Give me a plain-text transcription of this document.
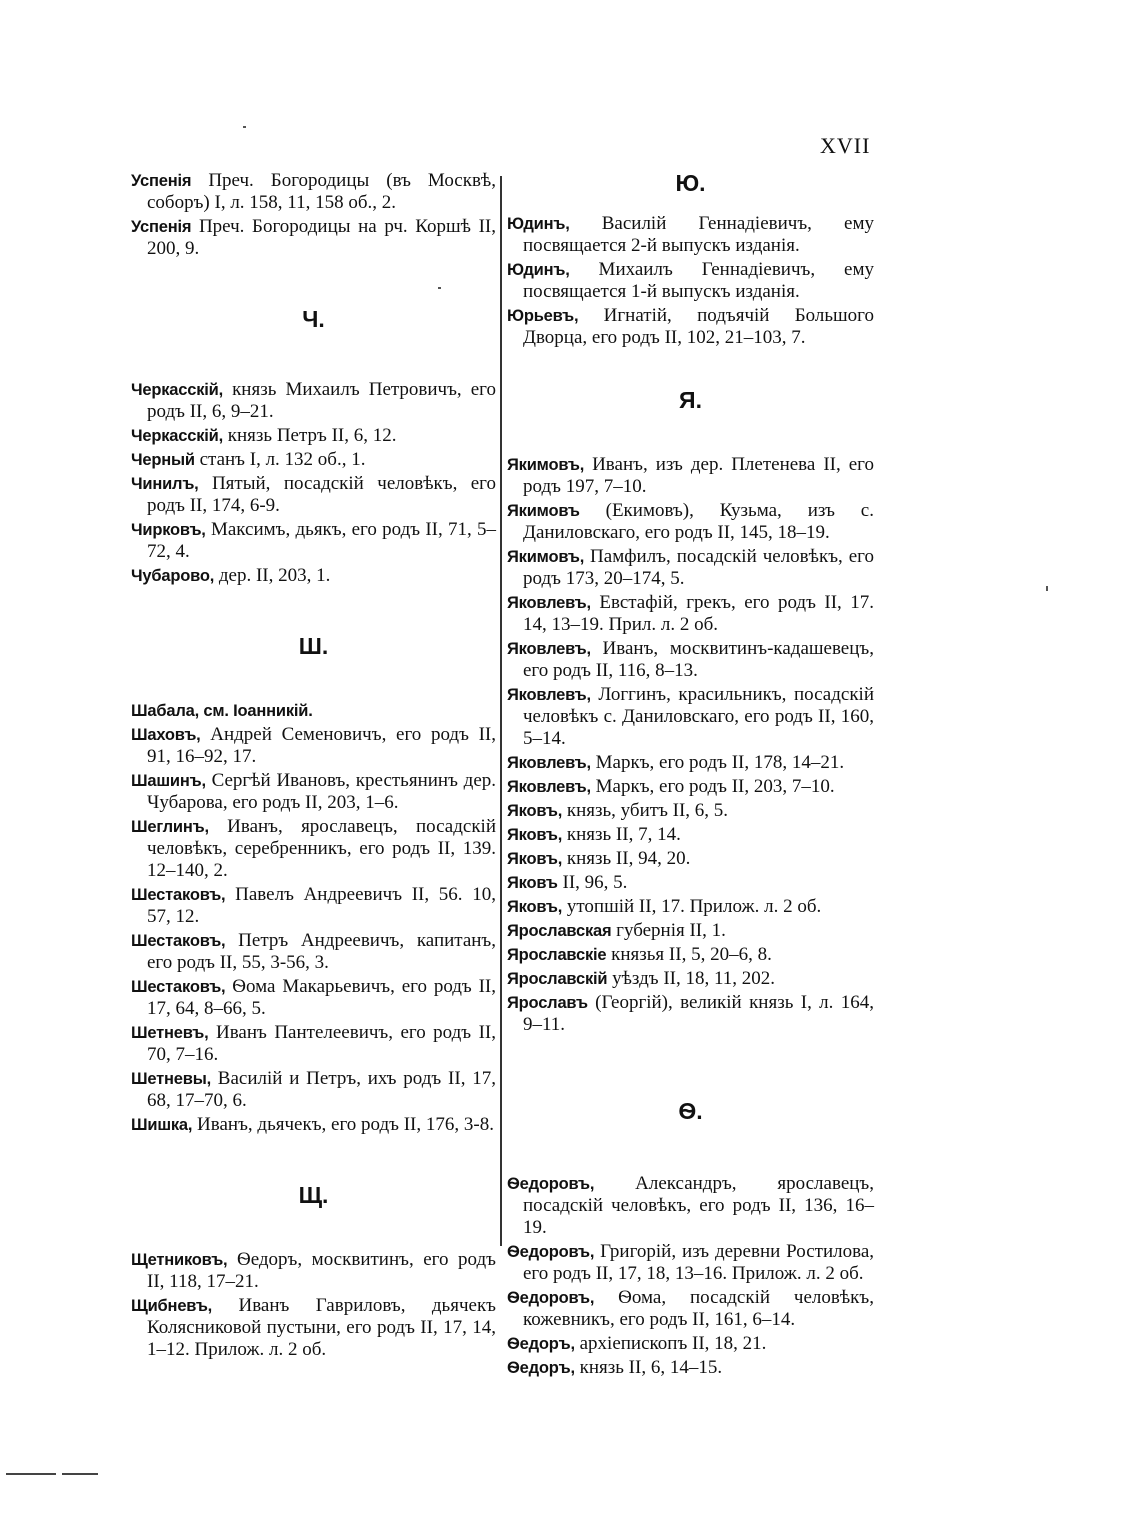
XVII
Успенія Преч. Богородицы (въ Москвѣ, соборъ) I, л. 158, 11, 158 об., 2.
Успенія Преч. Богородицы на рч. Коршѣ II, 200, 9.
Ч.
Черкасскій, князь Михаилъ Петровичъ, его родъ II, 6, 9–21.
Черкасскій, князь Петръ II, 6, 12.
Черный станъ I, л. 132 об., 1.
Чинилъ, Пятый, посадскій человѣкъ, его родъ II, 174, 6-9.
Чирковъ, Максимъ, дьякъ, его родъ II, 71, 5–72, 4.
Чубарово, дер. II, 203, 1.
Ш.
Шабала, см. Іоанникій.
Шаховъ, Андрей Семеновичъ, его родъ II, 91, 16–92, 17.
Шашинъ, Сергѣй Ивановъ, крестьянинъ дер. Чубарова, его родъ II, 203, 1–6.
Шеглинъ, Иванъ, ярославецъ, посадскій человѣкъ, серебренникъ, его родъ II, 139. 12–140, 2.
Шестаковъ, Павелъ Андреевичъ II, 56. 10, 57, 12.
Шестаковъ, Петръ Андреевичъ, капитанъ, его родъ II, 55, 3-56, 3.
Шестаковъ, Ѳома Макарьевичъ, его родъ II, 17, 64, 8–66, 5.
Шетневъ, Иванъ Пантелеевичъ, его родъ II, 70, 7–16.
Шетневы, Василій и Петръ, ихъ родъ II, 17, 68, 17–70, 6.
Шишка, Иванъ, дьячекъ, его родъ II, 176, 3-8.
Щ.
Щетниковъ, Ѳедоръ, москвитинъ, его родъ II, 118, 17–21.
Щибневъ, Иванъ Гавриловъ, дьячекъ Колясниковой пустыни, его родъ II, 17, 14, 1–12. Прилож. л. 2 об.
Ю.
Юдинъ, Василій Геннадіевичъ, ему посвящается 2-й выпускъ изданія.
Юдинъ, Михаилъ Геннадіевичъ, ему посвящается 1-й выпускъ изданія.
Юрьевъ, Игнатій, подъячій Большого Дворца, его родъ II, 102, 21–103, 7.
Я.
Якимовъ, Иванъ, изъ дер. Плетенева II, его родъ 197, 7–10.
Якимовъ (Екимовъ), Кузьма, изъ с. Даниловскаго, его родъ II, 145, 18–19.
Якимовъ, Памфилъ, посадскій человѣкъ, его родъ 173, 20–174, 5.
Яковлевъ, Евстафій, грекъ, его родъ II, 17. 14, 13–19. Прил. л. 2 об.
Яковлевъ, Иванъ, москвитинъ-кадашевецъ, его родъ II, 116, 8–13.
Яковлевъ, Логгинъ, красильникъ, посадскій человѣкъ с. Даниловскаго, его родъ II, 160, 5–14.
Яковлевъ, Маркъ, его родъ II, 178, 14–21.
Яковлевъ, Маркъ, его родъ II, 203, 7–10.
Яковъ, князь, убитъ II, 6, 5.
Яковъ, князь II, 7, 14.
Яковъ, князь II, 94, 20.
Яковъ II, 96, 5.
Яковъ, утопшій II, 17. Прилож. л. 2 об.
Ярославская губернія II, 1.
Ярославскіе князья II, 5, 20–6, 8.
Ярославскій уѣздъ II, 18, 11, 202.
Ярославъ (Георгій), великій князь I, л. 164, 9–11.
Ѳ.
Ѳедоровъ, Александръ, ярославецъ, посадскій человѣкъ, его родъ II, 136, 16–19.
Ѳедоровъ, Григорій, изъ деревни Ростилова, его родъ II, 17, 18, 13–16. Прилож. л. 2 об.
Ѳедоровъ, Ѳома, посадскій человѣкъ, кожевникъ, его родъ II, 161, 6–14.
Ѳедоръ, архіепископъ II, 18, 21.
Ѳедоръ, князь II, 6, 14–15.
